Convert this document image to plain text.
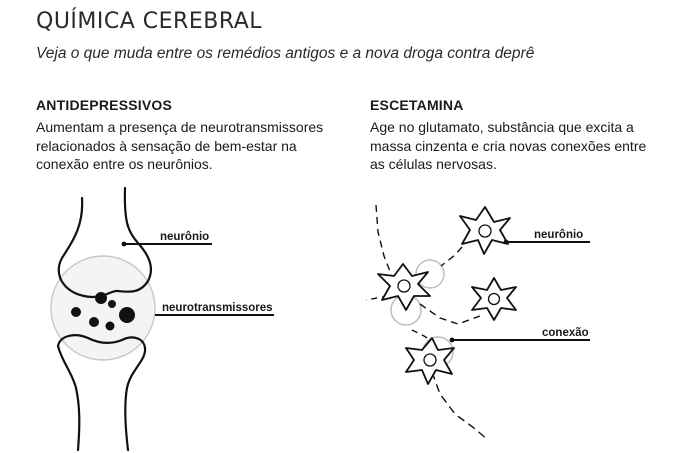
QUÍMICA CEREBRAL
Veja o que muda entre os remédios antigos e a nova droga contra deprê
ANTIDEPRESSIVOS
Aumentam a presença de neurotransmissores
relacionados à sensação de bem-estar na
conexão entre os neurônios.
ESCETAMINA
Age no glutamato, substância que excita a
massa cinzenta e cria novas conexões entre
as células nervosas.
neurônio
neurotransmissores
neurônio
conexão
